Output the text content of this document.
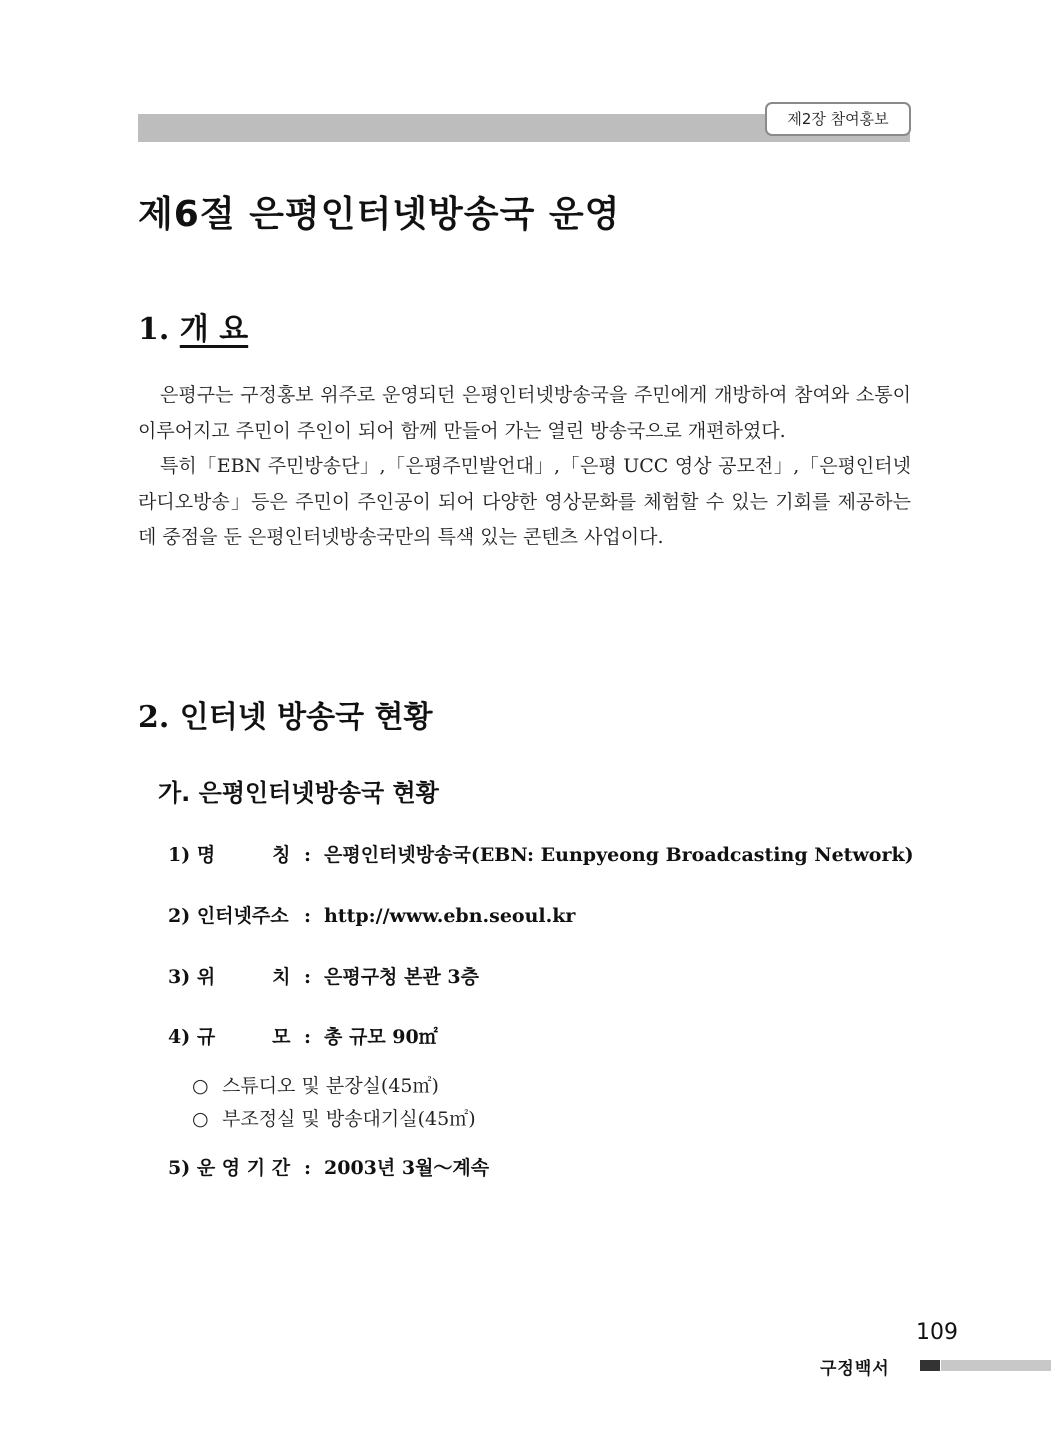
제2장 참여홍보
제6절 은평인터넷방송국 운영
1. 개 요

은평구는 구정홍보 위주로 운영되던 은평인터넷방송국을 주민에게 개방하여 참여와 소통이 이루어지고 주민이 주인이 되어 함께 만들어 가는 열린 방송국으로 개편하였다.

특히「EBN 주민방송단」,「은평주민발언대」,「은평 UCC 영상 공모전」,「은평인터넷라디오방송」등은 주민이 주인공이 되어 다양한 영상문화를 체험할 수 있는 기회를 제공하는 데 중점을 둔 은평인터넷방송국만의 특색 있는 콘텐츠 사업이다.

2. 인터넷 방송국 현황
가. 은평인터넷방송국 현황
1) 명　　　칭 : 은평인터넷방송국(EBN: Eunpyeong Broadcasting Network)
2) 인터넷주소 : http://www.ebn.seoul.kr
3) 위　　　치 : 은평구청 본관 3층
4) 규　　　모 : 총 규모 90㎡
○ 스튜디오 및 분장실(45㎡)
○ 부조정실 및 방송대기실(45㎡)
5) 운 영 기 간 : 2003년 3월～계속
109
구정백서
